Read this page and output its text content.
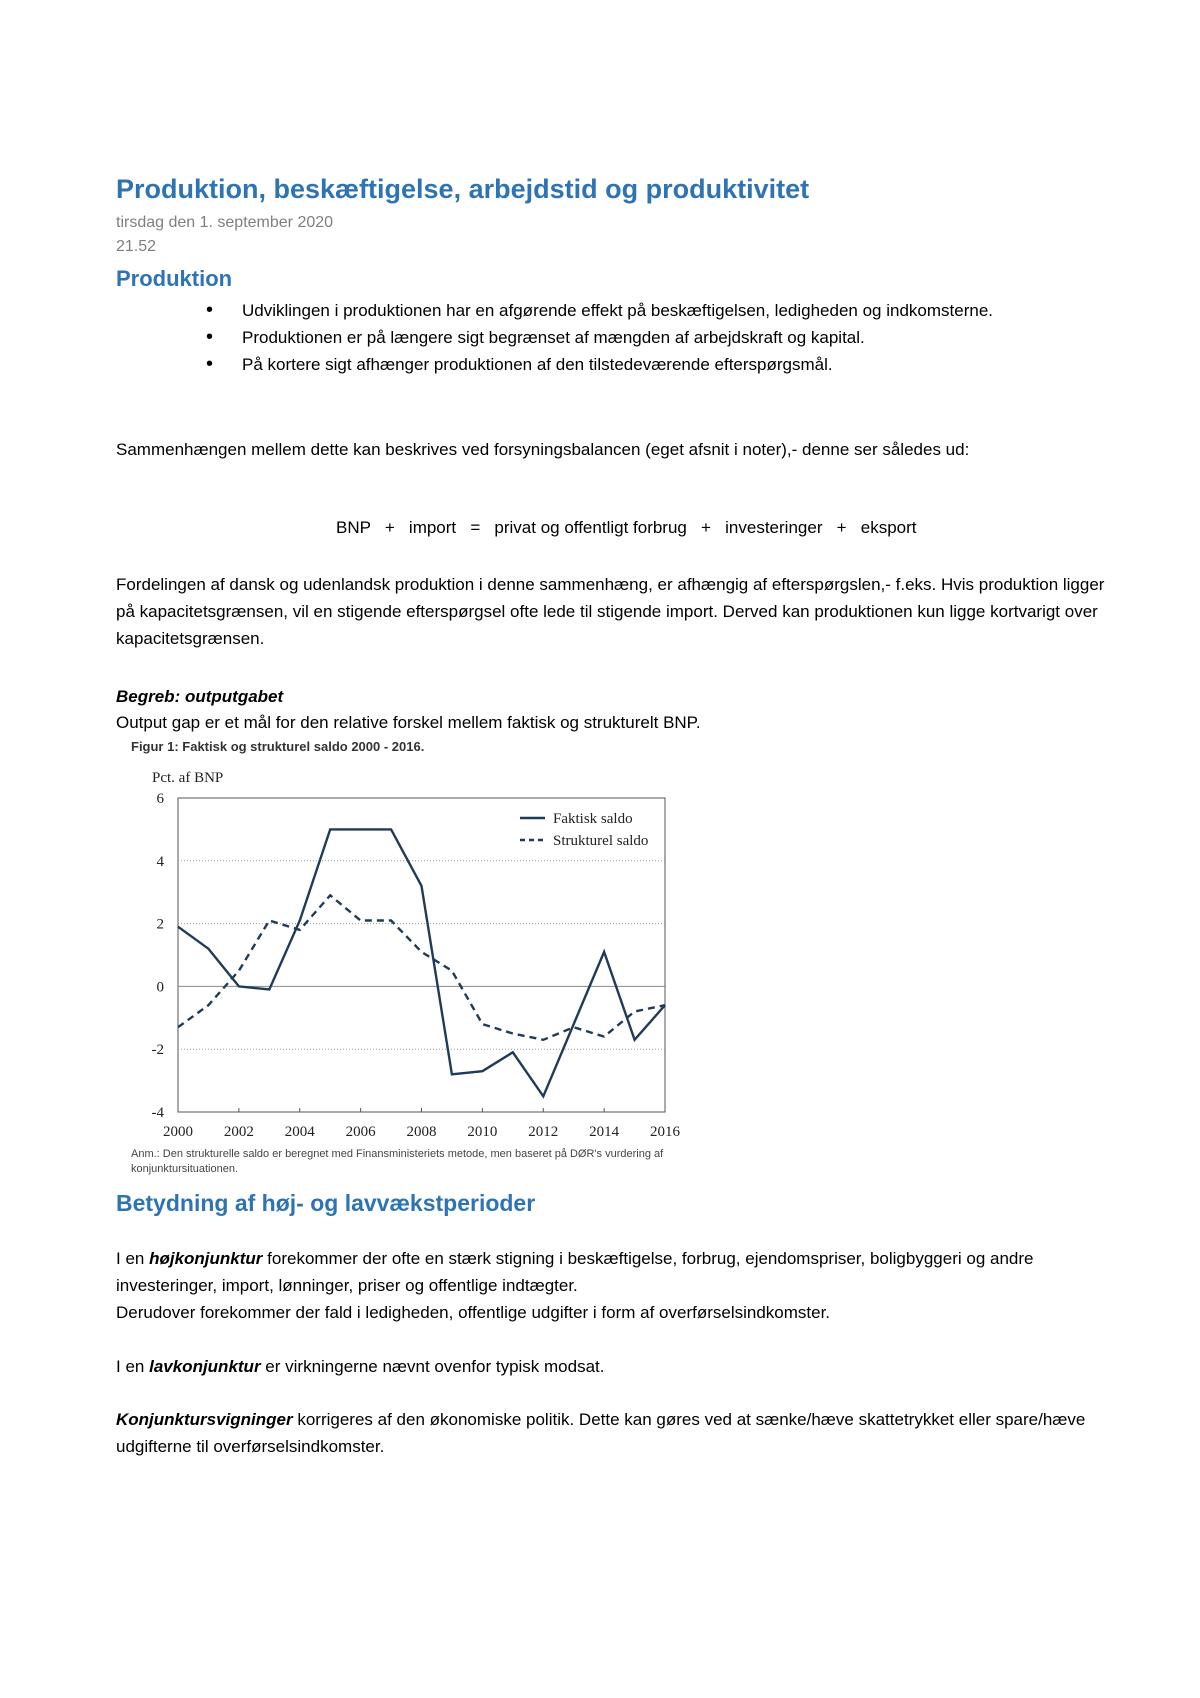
Produktion, beskæftigelse, arbejdstid og produktivitet
tirsdag den 1. september 2020
21.52
Produktion
• Udviklingen i produktionen har en afgørende effekt på beskæftigelsen, ledigheden og indkomsterne.
• Produktionen er på længere sigt begrænset af mængden af arbejdskraft og kapital.
• På kortere sigt afhænger produktionen af den tilstedeværende efterspørgsmål.
Sammenhængen mellem dette kan beskrives ved forsyningsbalancen (eget afsnit i noter),- denne ser således ud:
BNP   +   import   =   privat og offentligt forbrug   +   investeringer   +   eksport
Fordelingen af dansk og udenlandsk produktion i denne sammenhæng, er afhængig af efterspørgslen,- f.eks. Hvis produktion ligger på kapacitetsgrænsen, vil en stigende efterspørgsel ofte lede til stigende import. Derved kan produktionen kun ligge kortvarigt over kapacitetsgrænsen.
Begreb: outputgabet
Output gap er et mål for den relative forskel mellem faktisk og strukturelt BNP.
Figur 1: Faktisk og strukturel saldo 2000 - 2016.
6
4
2
0
-2
-4
2000 2002 2004 2006 2008 2010 2012 2014 2016
Pct. af BNP
Faktisk saldo
Strukturel saldo
Anm.: Den strukturelle saldo er beregnet med Finansministeriets metode, men baseret på DØR's vurdering af konjunktursituationen.
Betydning af høj- og lavvækstperioder
I en højkonjunktur forekommer der ofte en stærk stigning i beskæftigelse, forbrug, ejendomspriser, boligbyggeri og andre investeringer, import, lønninger, priser og offentlige indtægter.
Derudover forekommer der fald i ledigheden, offentlige udgifter i form af overførselsindkomster.
I en lavkonjunktur er virkningerne nævnt ovenfor typisk modsat.
Konjunktursvigninger korrigeres af den økonomiske politik. Dette kan gøres ved at sænke/hæve skattetrykket eller spare/hæve udgifterne til overførselsindkomster.
